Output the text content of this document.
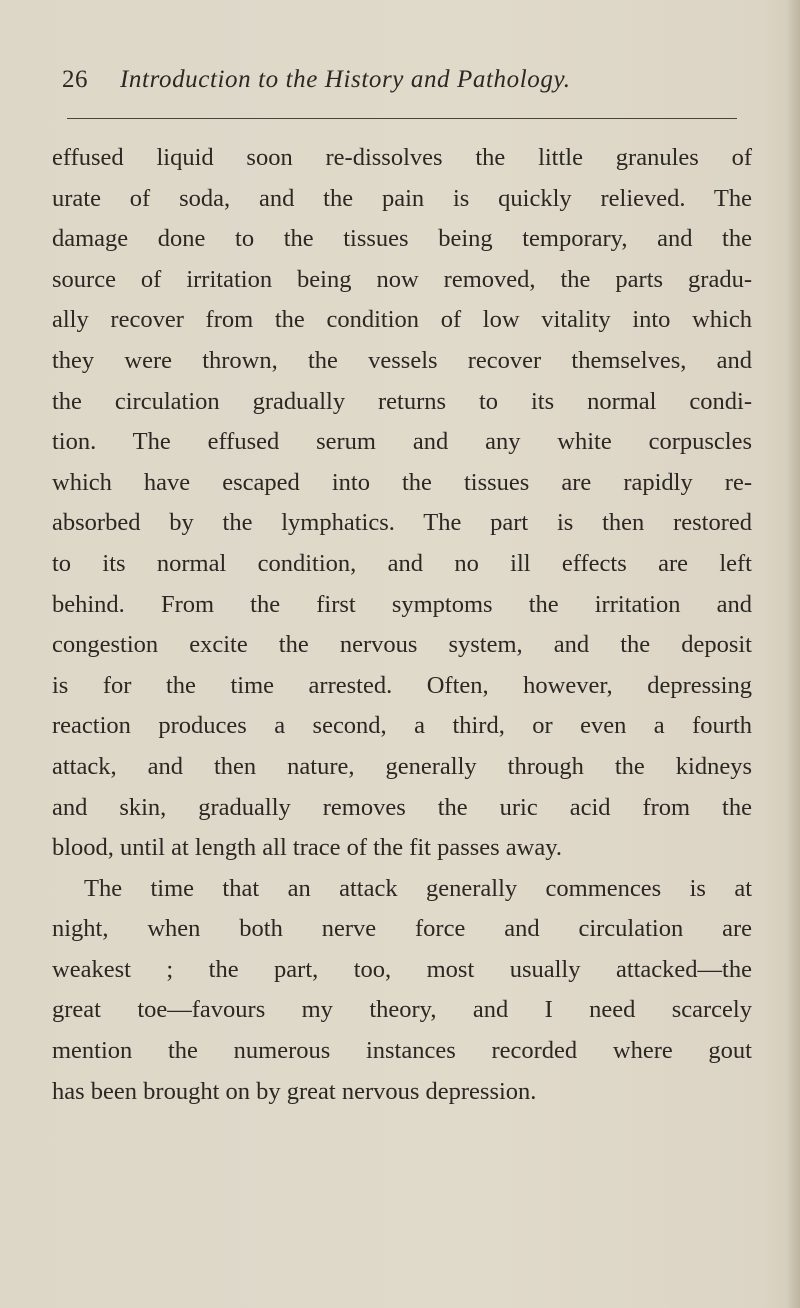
26 Introduction to the History and Pathology.
effused liquid soon re-dissolves the little granules of
urate of soda, and the pain is quickly relieved. The
damage done to the tissues being temporary, and the
source of irritation being now removed, the parts gradu-
ally recover from the condition of low vitality into which
they were thrown, the vessels recover themselves, and
the circulation gradually returns to its normal condi-
tion. The effused serum and any white corpuscles
which have escaped into the tissues are rapidly re-
absorbed by the lymphatics. The part is then restored
to its normal condition, and no ill effects are left
behind. From the first symptoms the irritation and
congestion excite the nervous system, and the deposit
is for the time arrested. Often, however, depressing
reaction produces a second, a third, or even a fourth
attack, and then nature, generally through the kidneys
and skin, gradually removes the uric acid from the
blood, until at length all trace of the fit passes away.
The time that an attack generally commences is at
night, when both nerve force and circulation are
weakest ; the part, too, most usually attacked—the
great toe—favours my theory, and I need scarcely
mention the numerous instances recorded where gout
has been brought on by great nervous depression.
